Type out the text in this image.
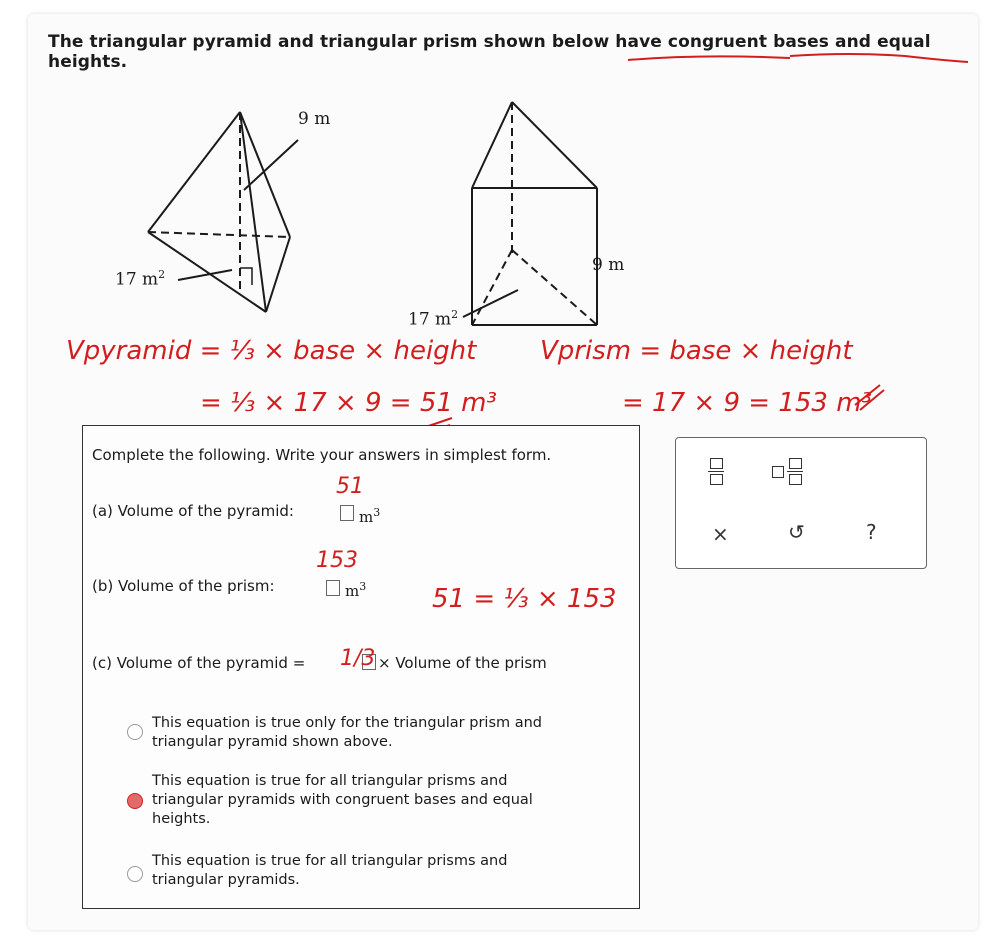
The triangular pyramid and triangular prism shown below have congruent bases and equal heights.
9 m
17 $m^2$	9 m
17 $m^2$
Vpyramid = ⅓ × base × height
= ⅓ × 17 × 9 = 51 m³
Vprism = base × height
= 17 × 9 = 153 m³
Complete the following. Write your answers in simplest form.
(a) Volume of the pyramid:	$m^3$
51
(b) Volume of the prism:	$m^3$
153
51 = ⅓ × 153
(c) Volume of the pyramid =	× Volume of the prism
1/3
This equation is true only for the triangular prism and
triangular pyramid shown above.
This equation is true for all triangular prisms and
triangular pyramids with congruent bases and equal
heights.
This equation is true for all triangular prisms and
triangular pyramids.
×	↺	?
